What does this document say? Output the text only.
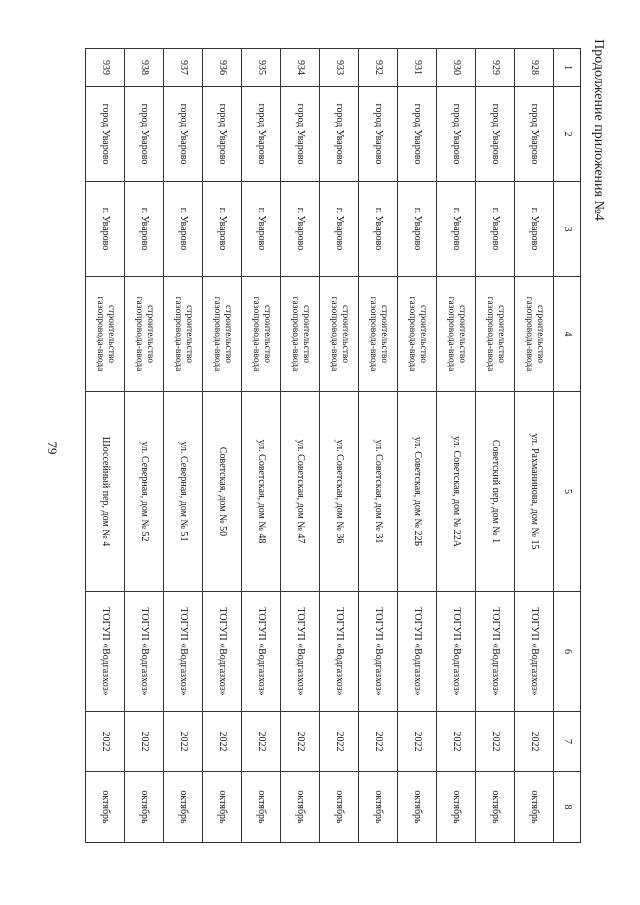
79
Продолжение приложения №4
1	2	3	4	5	6	7	8
928	город Уварово	г. Уварово	строительство газопровода-ввода	ул. Рахманинова, дом № 15	ТОГУП «Водгазхоз»	2022	октябрь
929	город Уварово	г. Уварово	строительство газопровода-ввода	Советский пер, дом № 1	ТОГУП «Водгазхоз»	2022	октябрь
930	город Уварово	г. Уварово	строительство газопровода-ввода	ул. Советская, дом № 22А	ТОГУП «Водгазхоз»	2022	октябрь
931	город Уварово	г. Уварово	строительство газопровода-ввода	ул. Советская, дом № 22Б	ТОГУП «Водгазхоз»	2022	октябрь
932	город Уварово	г. Уварово	строительство газопровода-ввода	ул. Советская, дом № 31	ТОГУП «Водгазхоз»	2022	октябрь
933	город Уварово	г. Уварово	строительство газопровода-ввода	ул. Советская, дом № 36	ТОГУП «Водгазхоз»	2022	октябрь
934	город Уварово	г. Уварово	строительство газопровода-ввода	ул. Советская, дом № 47	ТОГУП «Водгазхоз»	2022	октябрь
935	город Уварово	г. Уварово	строительство газопровода-ввода	ул. Советская, дом № 48	ТОГУП «Водгазхоз»	2022	октябрь
936	город Уварово	г. Уварово	строительство газопровода-ввода	Советская, дом № 50	ТОГУП «Водгазхоз»	2022	октябрь
937	город Уварово	г. Уварово	строительство газопровода-ввода	ул. Северная, дом № 51	ТОГУП «Водгазхоз»	2022	октябрь
938	город Уварово	г. Уварово	строительство газопровода-ввода	ул. Северная, дом № 52	ТОГУП «Водгазхоз»	2022	октябрь
939	город Уварово	г. Уварово	строительство газопровода-ввода	Шоссейный пер, дом № 4	ТОГУП «Водгазхоз»	2022	октябрь
